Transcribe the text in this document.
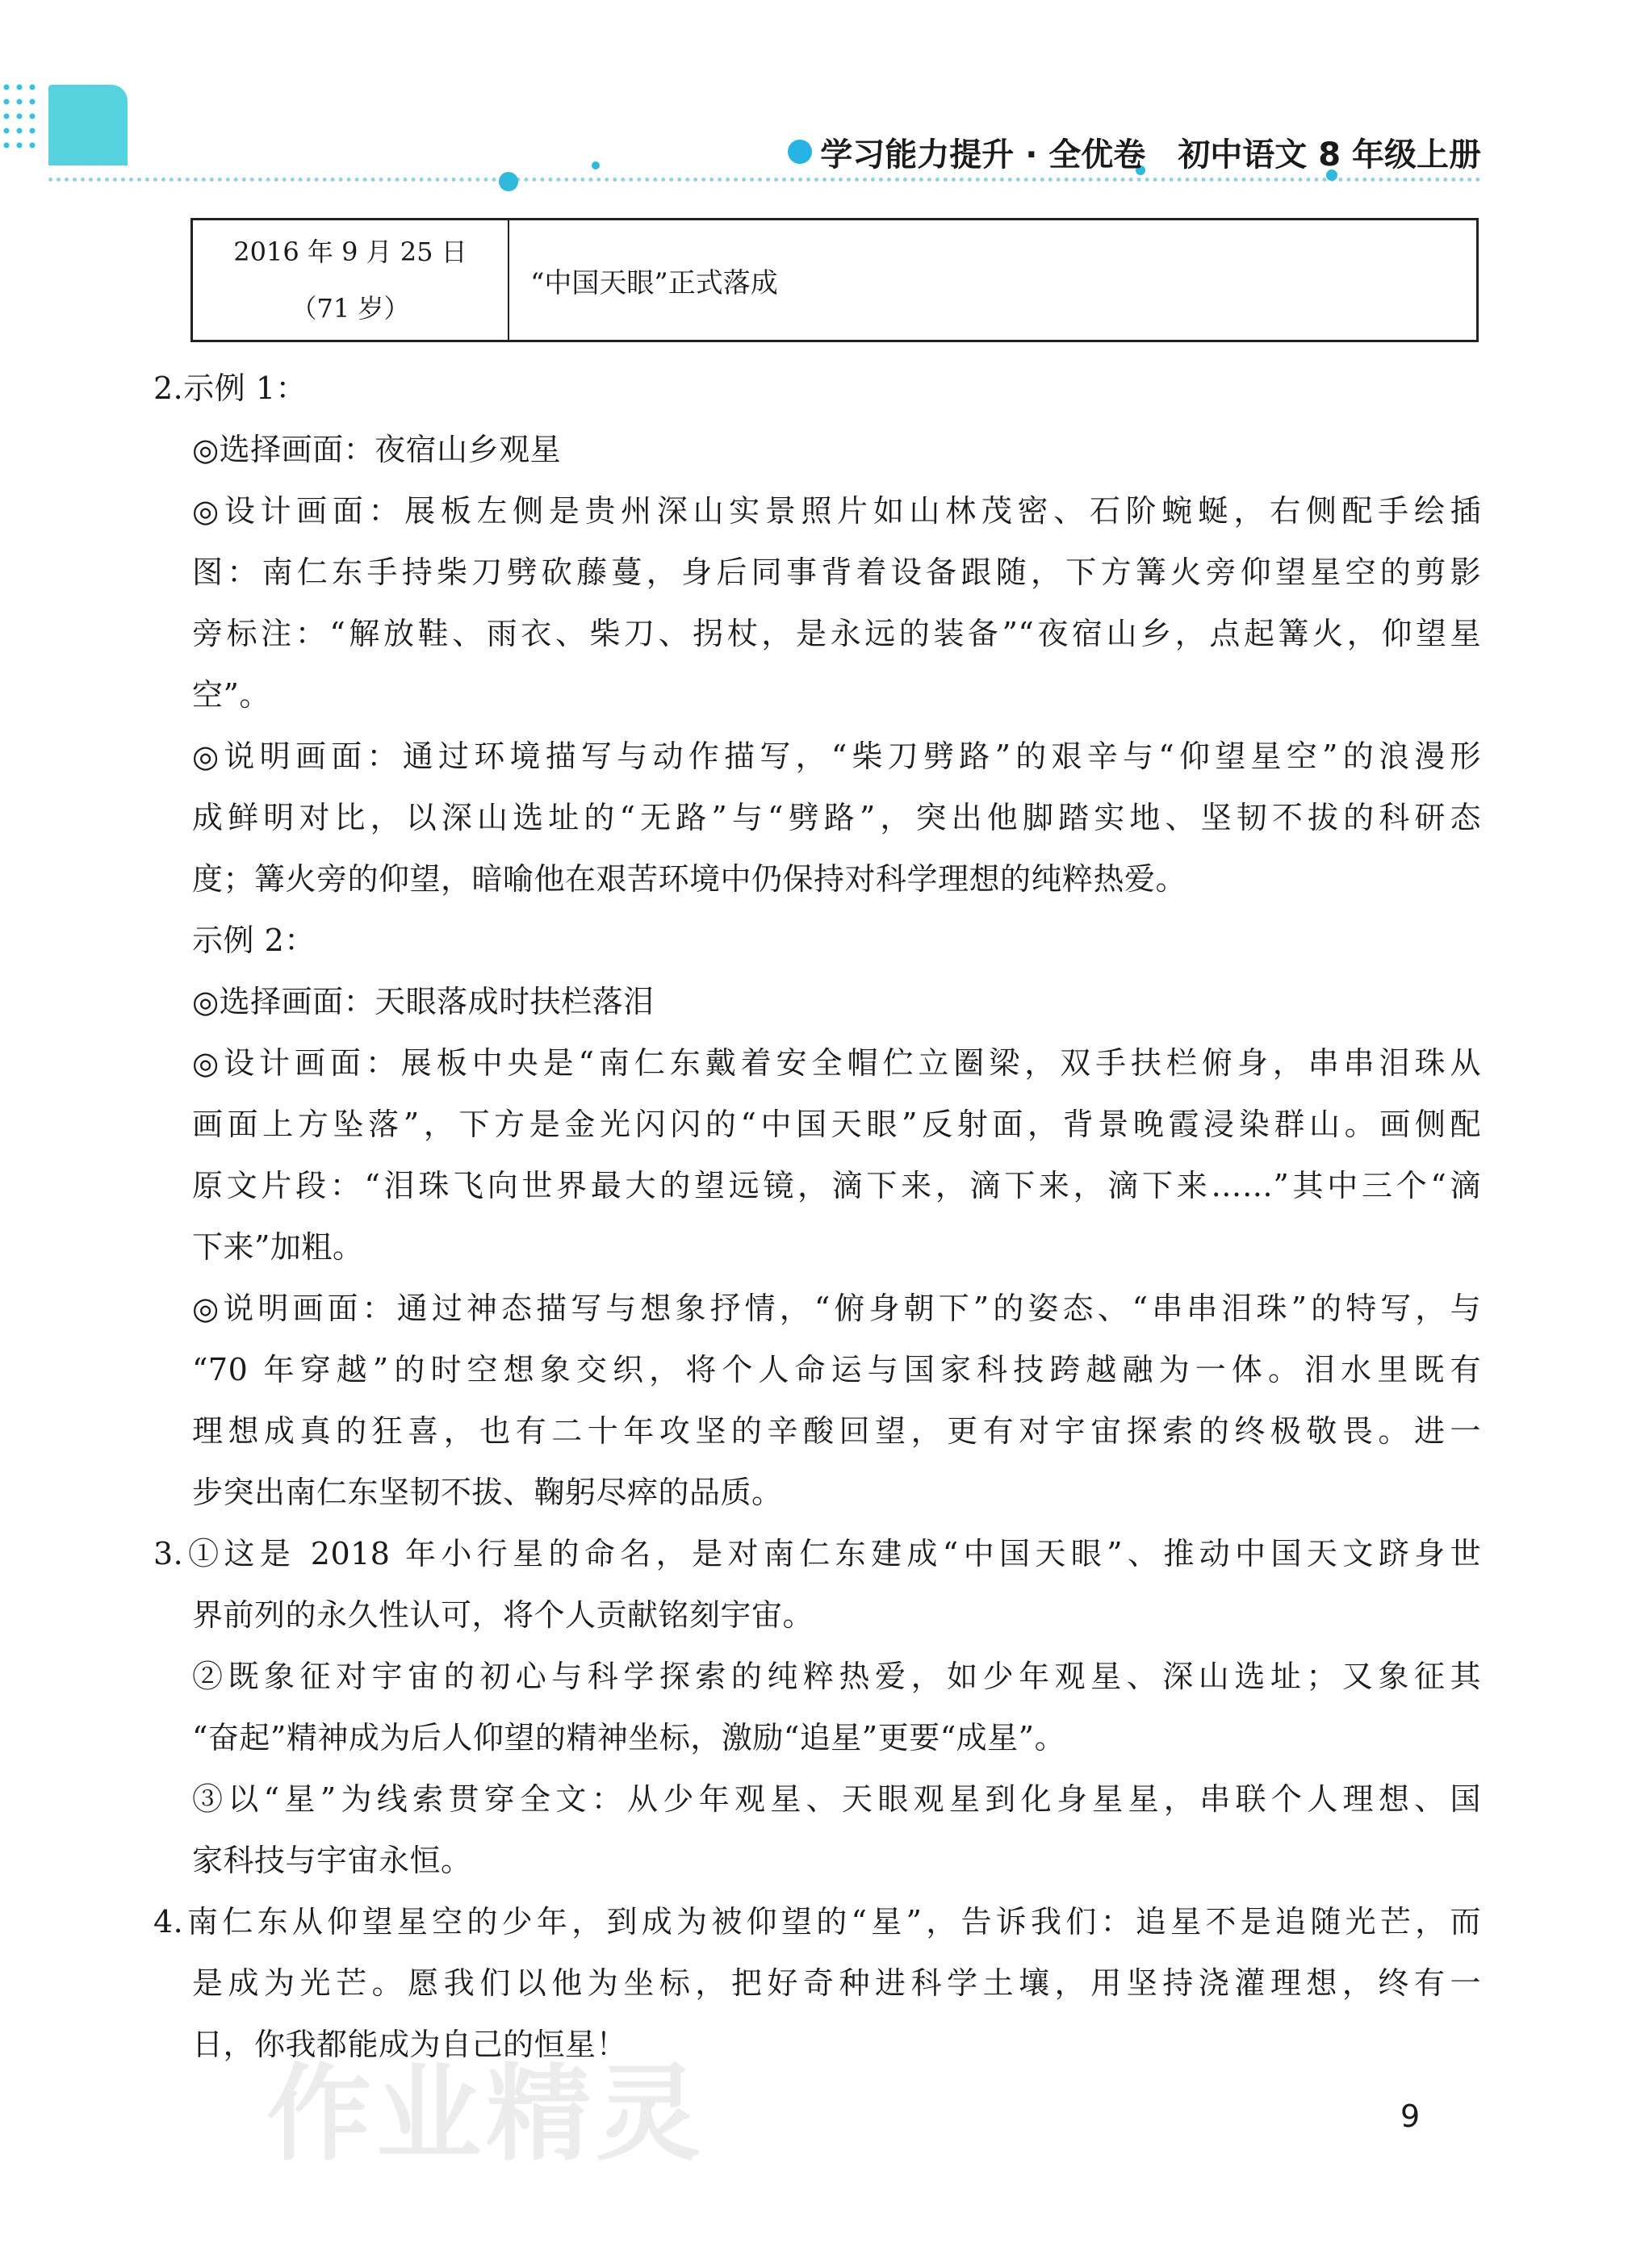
学习能力提升 · 全优卷 初中语文 8 年级上册
2016 年 9 月 25 日
（71 岁）
“中国天眼”正式落成
2.示例 1：
◎选择画面：夜宿山乡观星
◎设计画面：展板左侧是贵州深山实景照片如山林茂密、石阶蜿蜒，右侧配手绘插
图：南仁东手持柴刀劈砍藤蔓，身后同事背着设备跟随，下方篝火旁仰望星空的剪影
旁标注：“解放鞋、雨衣、柴刀、拐杖，是永远的装备”“夜宿山乡，点起篝火，仰望星
空”。
◎说明画面：通过环境描写与动作描写，“柴刀劈路”的艰辛与“仰望星空”的浪漫形
成鲜明对比，以深山选址的“无路”与“劈路”，突出他脚踏实地、坚韧不拔的科研态
度；篝火旁的仰望，暗喻他在艰苦环境中仍保持对科学理想的纯粹热爱。
示例 2：
◎选择画面：天眼落成时扶栏落泪
◎设计画面：展板中央是“南仁东戴着安全帽伫立圈梁，双手扶栏俯身，串串泪珠从
画面上方坠落”，下方是金光闪闪的“中国天眼”反射面，背景晚霞浸染群山。画侧配
原文片段：“泪珠飞向世界最大的望远镜，滴下来，滴下来，滴下来……”其中三个“滴
下来”加粗。
◎说明画面：通过神态描写与想象抒情，“俯身朝下”的姿态、“串串泪珠”的特写，与
“70 年穿越”的时空想象交织，将个人命运与国家科技跨越融为一体。泪水里既有
理想成真的狂喜，也有二十年攻坚的辛酸回望，更有对宇宙探索的终极敬畏。进一
步突出南仁东坚韧不拔、鞠躬尽瘁的品质。
3.①这是 2018 年小行星的命名，是对南仁东建成“中国天眼”、推动中国天文跻身世
界前列的永久性认可，将个人贡献铭刻宇宙。
②既象征对宇宙的初心与科学探索的纯粹热爱，如少年观星、深山选址；又象征其
“奋起”精神成为后人仰望的精神坐标，激励“追星”更要“成星”。
③以“星”为线索贯穿全文：从少年观星、天眼观星到化身星星，串联个人理想、国
家科技与宇宙永恒。
4.南仁东从仰望星空的少年，到成为被仰望的“星”，告诉我们：追星不是追随光芒，而
是成为光芒。愿我们以他为坐标，把好奇种进科学土壤，用坚持浇灌理想，终有一
日，你我都能成为自己的恒星！
作业精灵	9
